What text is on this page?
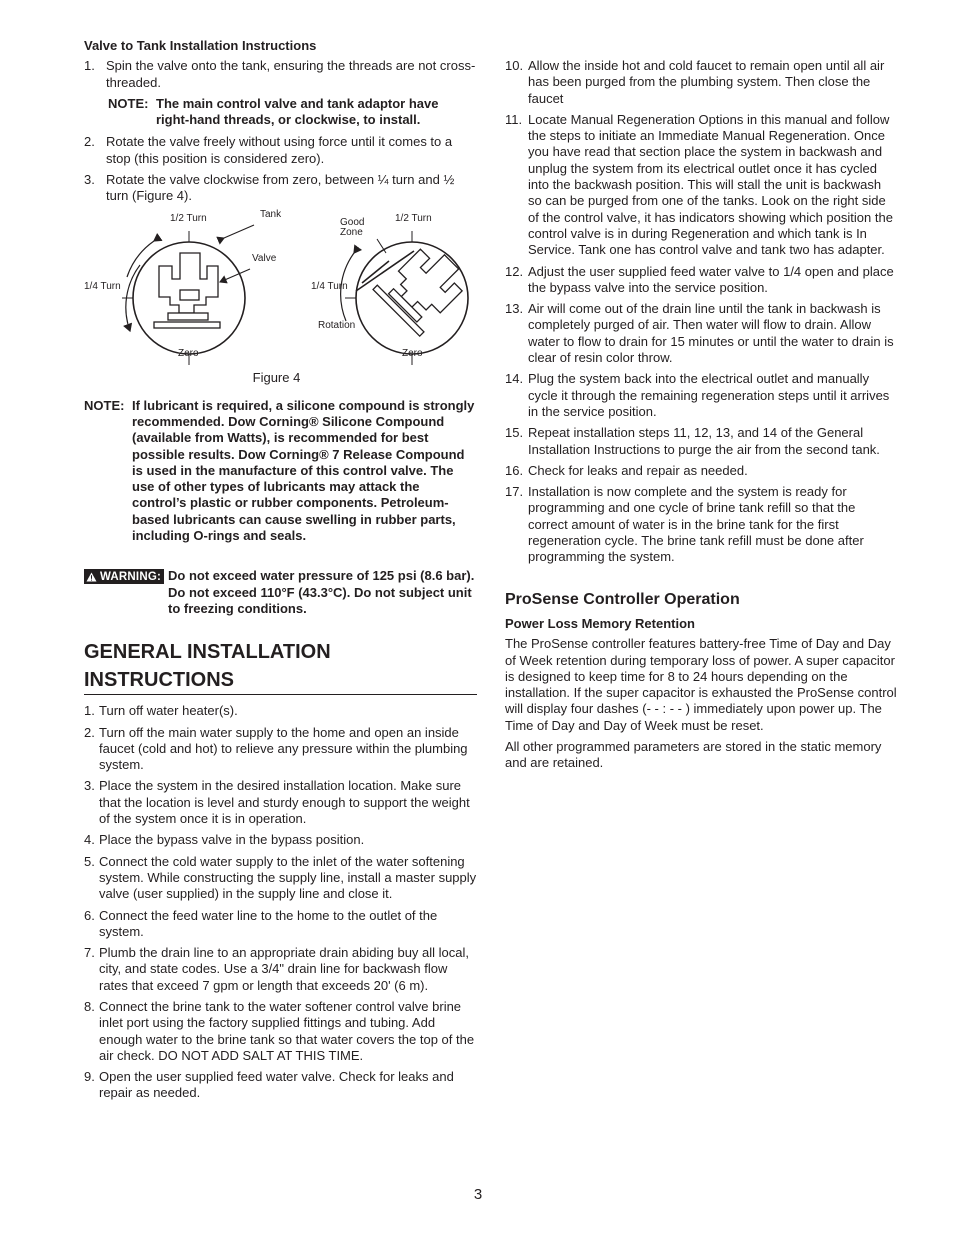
Valve to Tank Installation Instructions
1. Spin the valve onto the tank, ensuring the threads are not cross-threaded.
NOTE: The main control valve and tank adaptor have
right-hand threads, or clockwise, to install.
2. Rotate the valve freely without using force until it comes to a stop (this position is considered zero).
3. Rotate the valve clockwise from zero, between ¼ turn and ½ turn (Figure 4).
1/2 Turn	Tank
Valve
1/4 Turn
Zero
Good
Zone
1/2 Turn
1/4 Turn
Rotation
Zero
Figure 4
NOTE: If lubricant is required, a silicone compound is strongly recommended. Dow Corning® Silicone Compound (available from Watts), is recommended for best possible results. Dow Corning® 7 Release Compound is used in the manufacture of this control valve. The use of other types of lubricants may attack the control’s plastic or rubber components. Petroleum-based lubricants can cause swelling in rubber parts, including O-rings and seals.
WARNING: Do not exceed water pressure of 125 psi (8.6 bar). Do not exceed 110°F (43.3°C). Do not subject unit to freezing conditions.
GENERAL INSTALLATION
INSTRUCTIONS
1. Turn off water heater(s).
2. Turn off the main water supply to the home and open an inside faucet (cold and hot) to relieve any pressure within the plumbing system.
3. Place the system in the desired installation location. Make sure that the location is level and sturdy enough to support the weight of the system once it is in operation.
4. Place the bypass valve in the bypass position.
5. Connect the cold water supply to the inlet of the water softening system. While constructing the supply line, install a master supply valve (user supplied) in the supply line and close it.
6. Connect the feed water line to the home to the outlet of the system.
7. Plumb the drain line to an appropriate drain abiding buy all local, city, and state codes. Use a 3/4" drain line for backwash flow rates that exceed 7 gpm or length that exceeds 20' (6 m).
8. Connect the brine tank to the water softener control valve brine inlet port using the factory supplied fittings and tubing. Add enough water to the brine tank so that water covers the top of the air check. DO NOT ADD SALT AT THIS TIME.
9. Open the user supplied feed water valve. Check for leaks and repair as needed.
10. Allow the inside hot and cold faucet to remain open until all air has been purged from the plumbing system. Then close the faucet
11. Locate Manual Regeneration Options in this manual and follow the steps to initiate an Immediate Manual Regeneration. Once you have read that section place the system in backwash and unplug the system from its electrical outlet once it has cycled into the backwash position. This will stall the unit is backwash so can be purged from one of the tanks. Look on the right side of the control valve, it has indicators showing which position the control valve is in during Regeneration and which tank is In Service. Tank one has control valve and tank two has adapter.
12. Adjust the user supplied feed water valve to 1/4 open and place the bypass valve into the service position.
13. Air will come out of the drain line until the tank in backwash is completely purged of air. Then water will flow to drain. Allow water to flow to drain for 15 minutes or until the water to drain is clear of resin color throw.
14. Plug the system back into the electrical outlet and manually cycle it through the remaining regeneration steps until it arrives in the service position.
15. Repeat installation steps 11, 12, 13, and 14 of the General Installation Instructions to purge the air from the second tank.
16. Check for leaks and repair as needed.
17. Installation is now complete and the system is ready for programming and one cycle of brine tank refill so that the correct amount of water is in the brine tank for the first regeneration cycle. The brine tank refill must be done after programming the system.
ProSense Controller Operation
Power Loss Memory Retention

The ProSense controller features battery-free Time of Day and Day of Week retention during temporary loss of power. A super capacitor is designed to keep time for 8 to 24 hours depending on the installation. If the super capacitor is exhausted the ProSense control will display four dashes (- - : - - ) immediately upon power up. The Time of Day and Day of Week must be reset.

All other programmed parameters are stored in the static memory and are retained.

3
